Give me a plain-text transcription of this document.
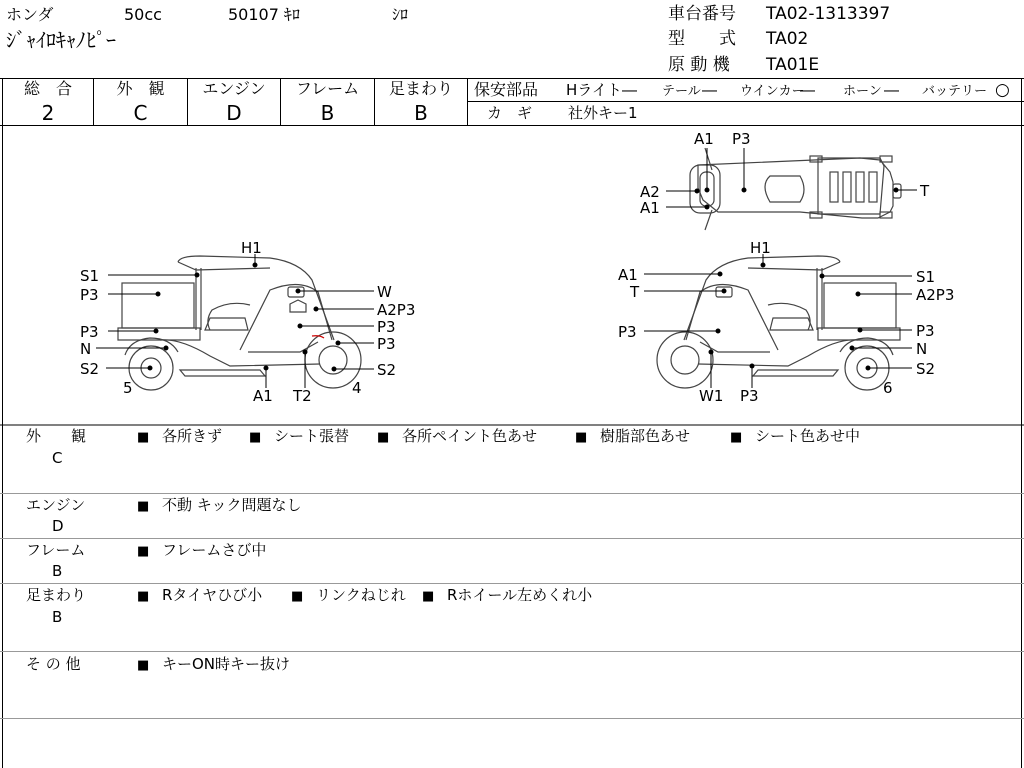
ホンダ	50cc	50107 ｷﾛ	ｼﾛ
ｼﾞｬｲﾛｷｬﾉﾋﾟｰ
車台番号 TA02-1313397
型　　式 TA02
原 動 機 TA01E
総　合
2
外　観
C
エンジン
D
フレーム
B
足まわり
B
保安部品 Hライト ― テール ― ウインカー
― ホーン ― バッテリー ○
カ　ギ 社外キー1
A1 P3
A2
A1
T
H1
S1
P3
P3
N
S2
W
A2P3
P3
P3
S2
A1 T2
5	4
H1
A1
T
P3
S1
A2P3
P3
N
S2
W1 P3	6
外　　観
C
■ 各所きず ■ シート張替 ■ 各所ペイント色あせ	■ 樹脂部色あせ	■ シート色あせ中
エンジン
D
■ 不動 キック問題なし
フレーム
B
■ フレームさび中
足まわり
B
■ Rタイヤひび小 ■ リンクねじれ ■ Rホイール左めくれ小
そ の 他	■ キーON時キー抜け
